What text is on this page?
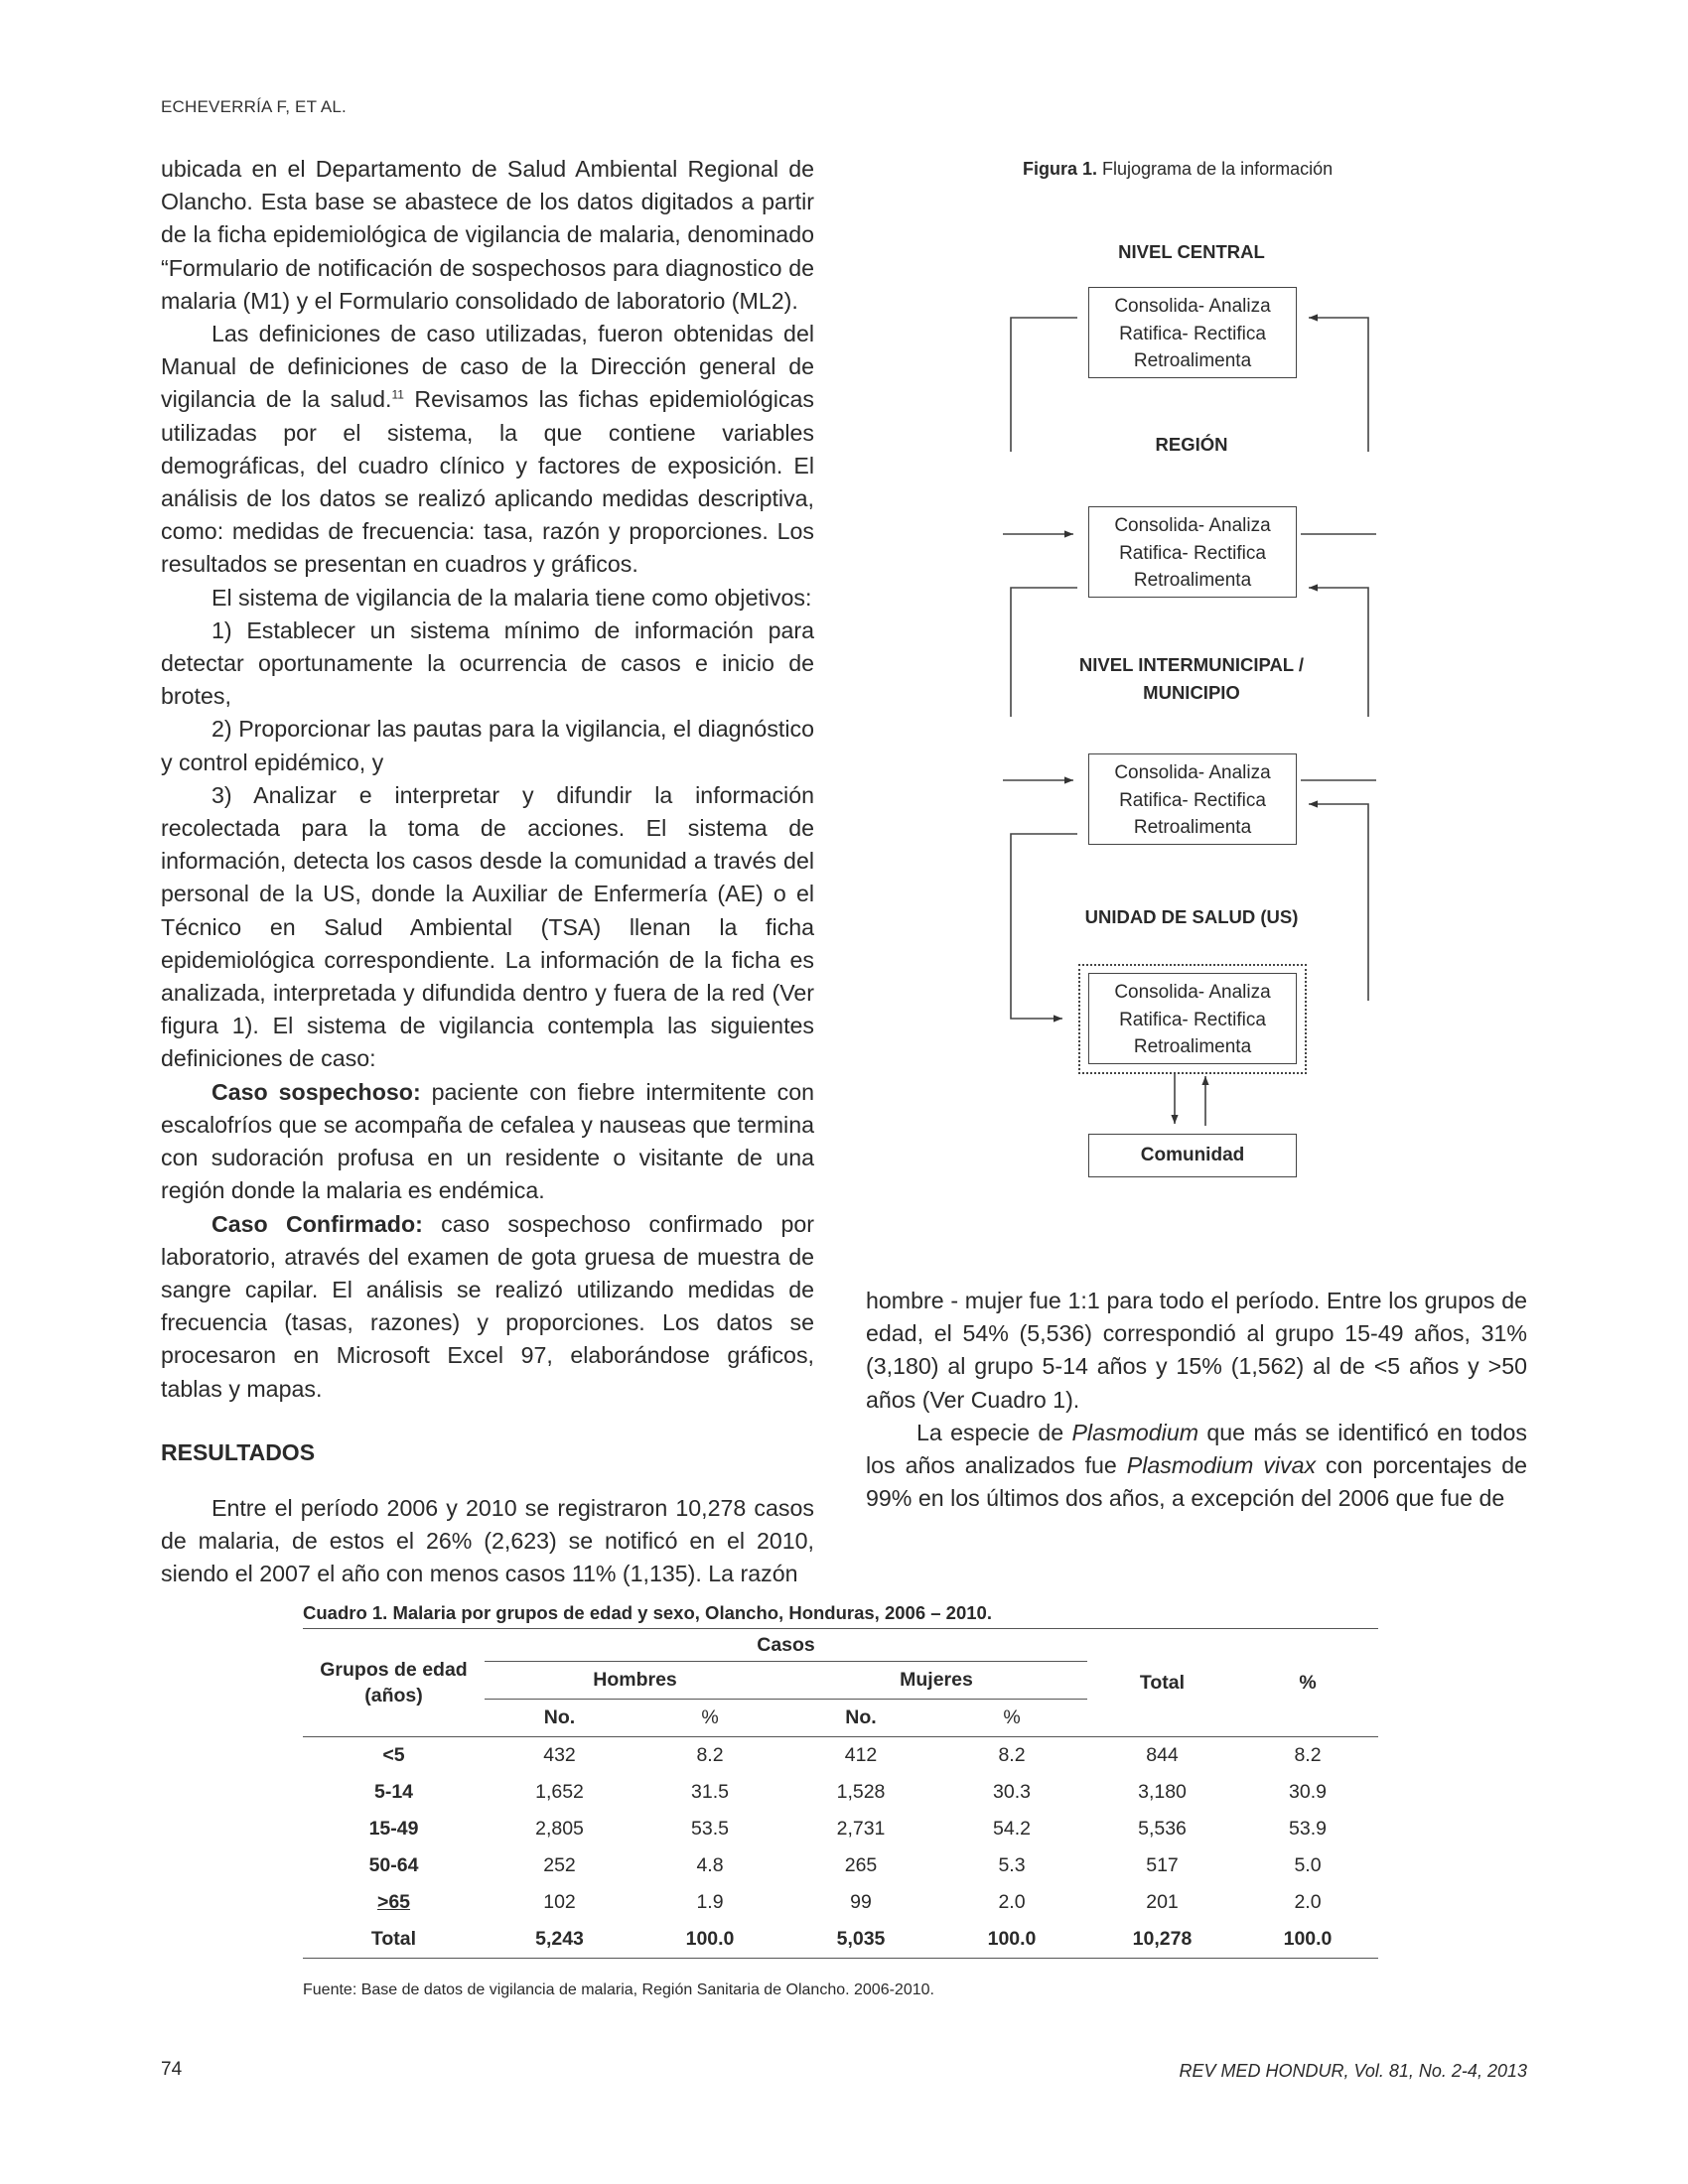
ECHEVERRÍA F, ET AL.

ubicada en el Departamento de Salud Ambiental Regional de Olancho. Esta base se abastece de los datos digitados a partir de la ficha epidemiológica de vigilancia de malaria, denominado “Formulario de notificación de sospechosos para diagnostico de malaria (M1) y el Formulario consolidado de laboratorio (ML2).

Las definiciones de caso utilizadas, fueron obtenidas del Manual de definiciones de caso de la Dirección general de vigilancia de la salud.$^{11}$ Revisamos las fichas epidemiológicas utilizadas por el sistema, la que contiene variables demográficas, del cuadro clínico y factores de exposición. El análisis de los datos se realizó aplicando medidas descriptiva, como: medidas de frecuencia: tasa, razón y proporciones. Los resultados se presentan en cuadros y gráficos.

El sistema de vigilancia de la malaria tiene como objetivos:

1) Establecer un sistema mínimo de información para detectar oportunamente la ocurrencia de casos e inicio de brotes,

2) Proporcionar las pautas para la vigilancia, el diagnóstico y control epidémico, y

3) Analizar e interpretar y difundir la información recolectada para la toma de acciones. El sistema de información, detecta los casos desde la comunidad a través del personal de la US, donde la Auxiliar de Enfermería (AE) o el Técnico en Salud Ambiental (TSA) llenan la ficha epidemiológica correspondiente. La información de la ficha es analizada, interpretada y difundida dentro y fuera de la red (Ver figura 1). El sistema de vigilancia contempla las siguientes definiciones de caso:

Caso sospechoso: paciente con fiebre intermitente con escalofríos que se acompaña de cefalea y nauseas que termina con sudoración profusa en un residente o visitante de una región donde la malaria es endémica.

Caso Confirmado: caso sospechoso confirmado por laboratorio, através del examen de gota gruesa de muestra de sangre capilar. El análisis se realizó utilizando medidas de frecuencia (tasas, razones) y proporciones. Los datos se procesaron en Microsoft Excel 97, elaborándose gráficos, tablas y mapas.

RESULTADOS

Entre el período 2006 y 2010 se registraron 10,278 casos de malaria, de estos el 26% (2,623) se notificó en el 2010, siendo el 2007 el año con menos casos 11% (1,135). La razón

hombre - mujer fue 1:1 para todo el período. Entre los grupos de edad, el 54% (5,536) correspondió al grupo 15-49 años, 31% (3,180) al grupo 5-14 años y 15% (1,562) al de <5 años y >50 años (Ver Cuadro 1).

La especie de Plasmodium que más se identificó en todos los años analizados fue Plasmodium vivax con porcentajes de 99% en los últimos dos años, a excepción del 2006 que fue de

Figura 1. Flujograma de la información
NIVEL CENTRAL
REGIÓN
NIVEL INTERMUNICIPAL /
MUNICIPIO
UNIDAD DE SALUD (US)
Consolida- Analiza
Ratifica- Rectifica
Retroalimenta
Consolida- Analiza
Ratifica- Rectifica
Retroalimenta
Consolida- Analiza
Ratifica- Rectifica
Retroalimenta
Consolida- Analiza
Ratifica- Rectifica
Retroalimenta
Comunidad
Cuadro 1. Malaria por grupos de edad y sexo, Olancho, Honduras, 2006 – 2010.
Grupos de edad
(años)	Casos				Total	%
	Hombres		Mujeres			
	No.	%	No.	%		
<5	432	8.2	412	8.2	844	8.2
5-14	1,652	31.5	1,528	30.3	3,180	30.9
15-49	2,805	53.5	2,731	54.2	5,536	53.9
50-64	252	4.8	265	5.3	517	5.0
>65	102	1.9	99	2.0	201	2.0
Total	5,243	100.0	5,035	100.0	10,278	100.0
Fuente: Base de datos de vigilancia de malaria, Región Sanitaria de Olancho. 2006-2010.
74	REV MED HONDUR, Vol. 81, No. 2-4, 2013
